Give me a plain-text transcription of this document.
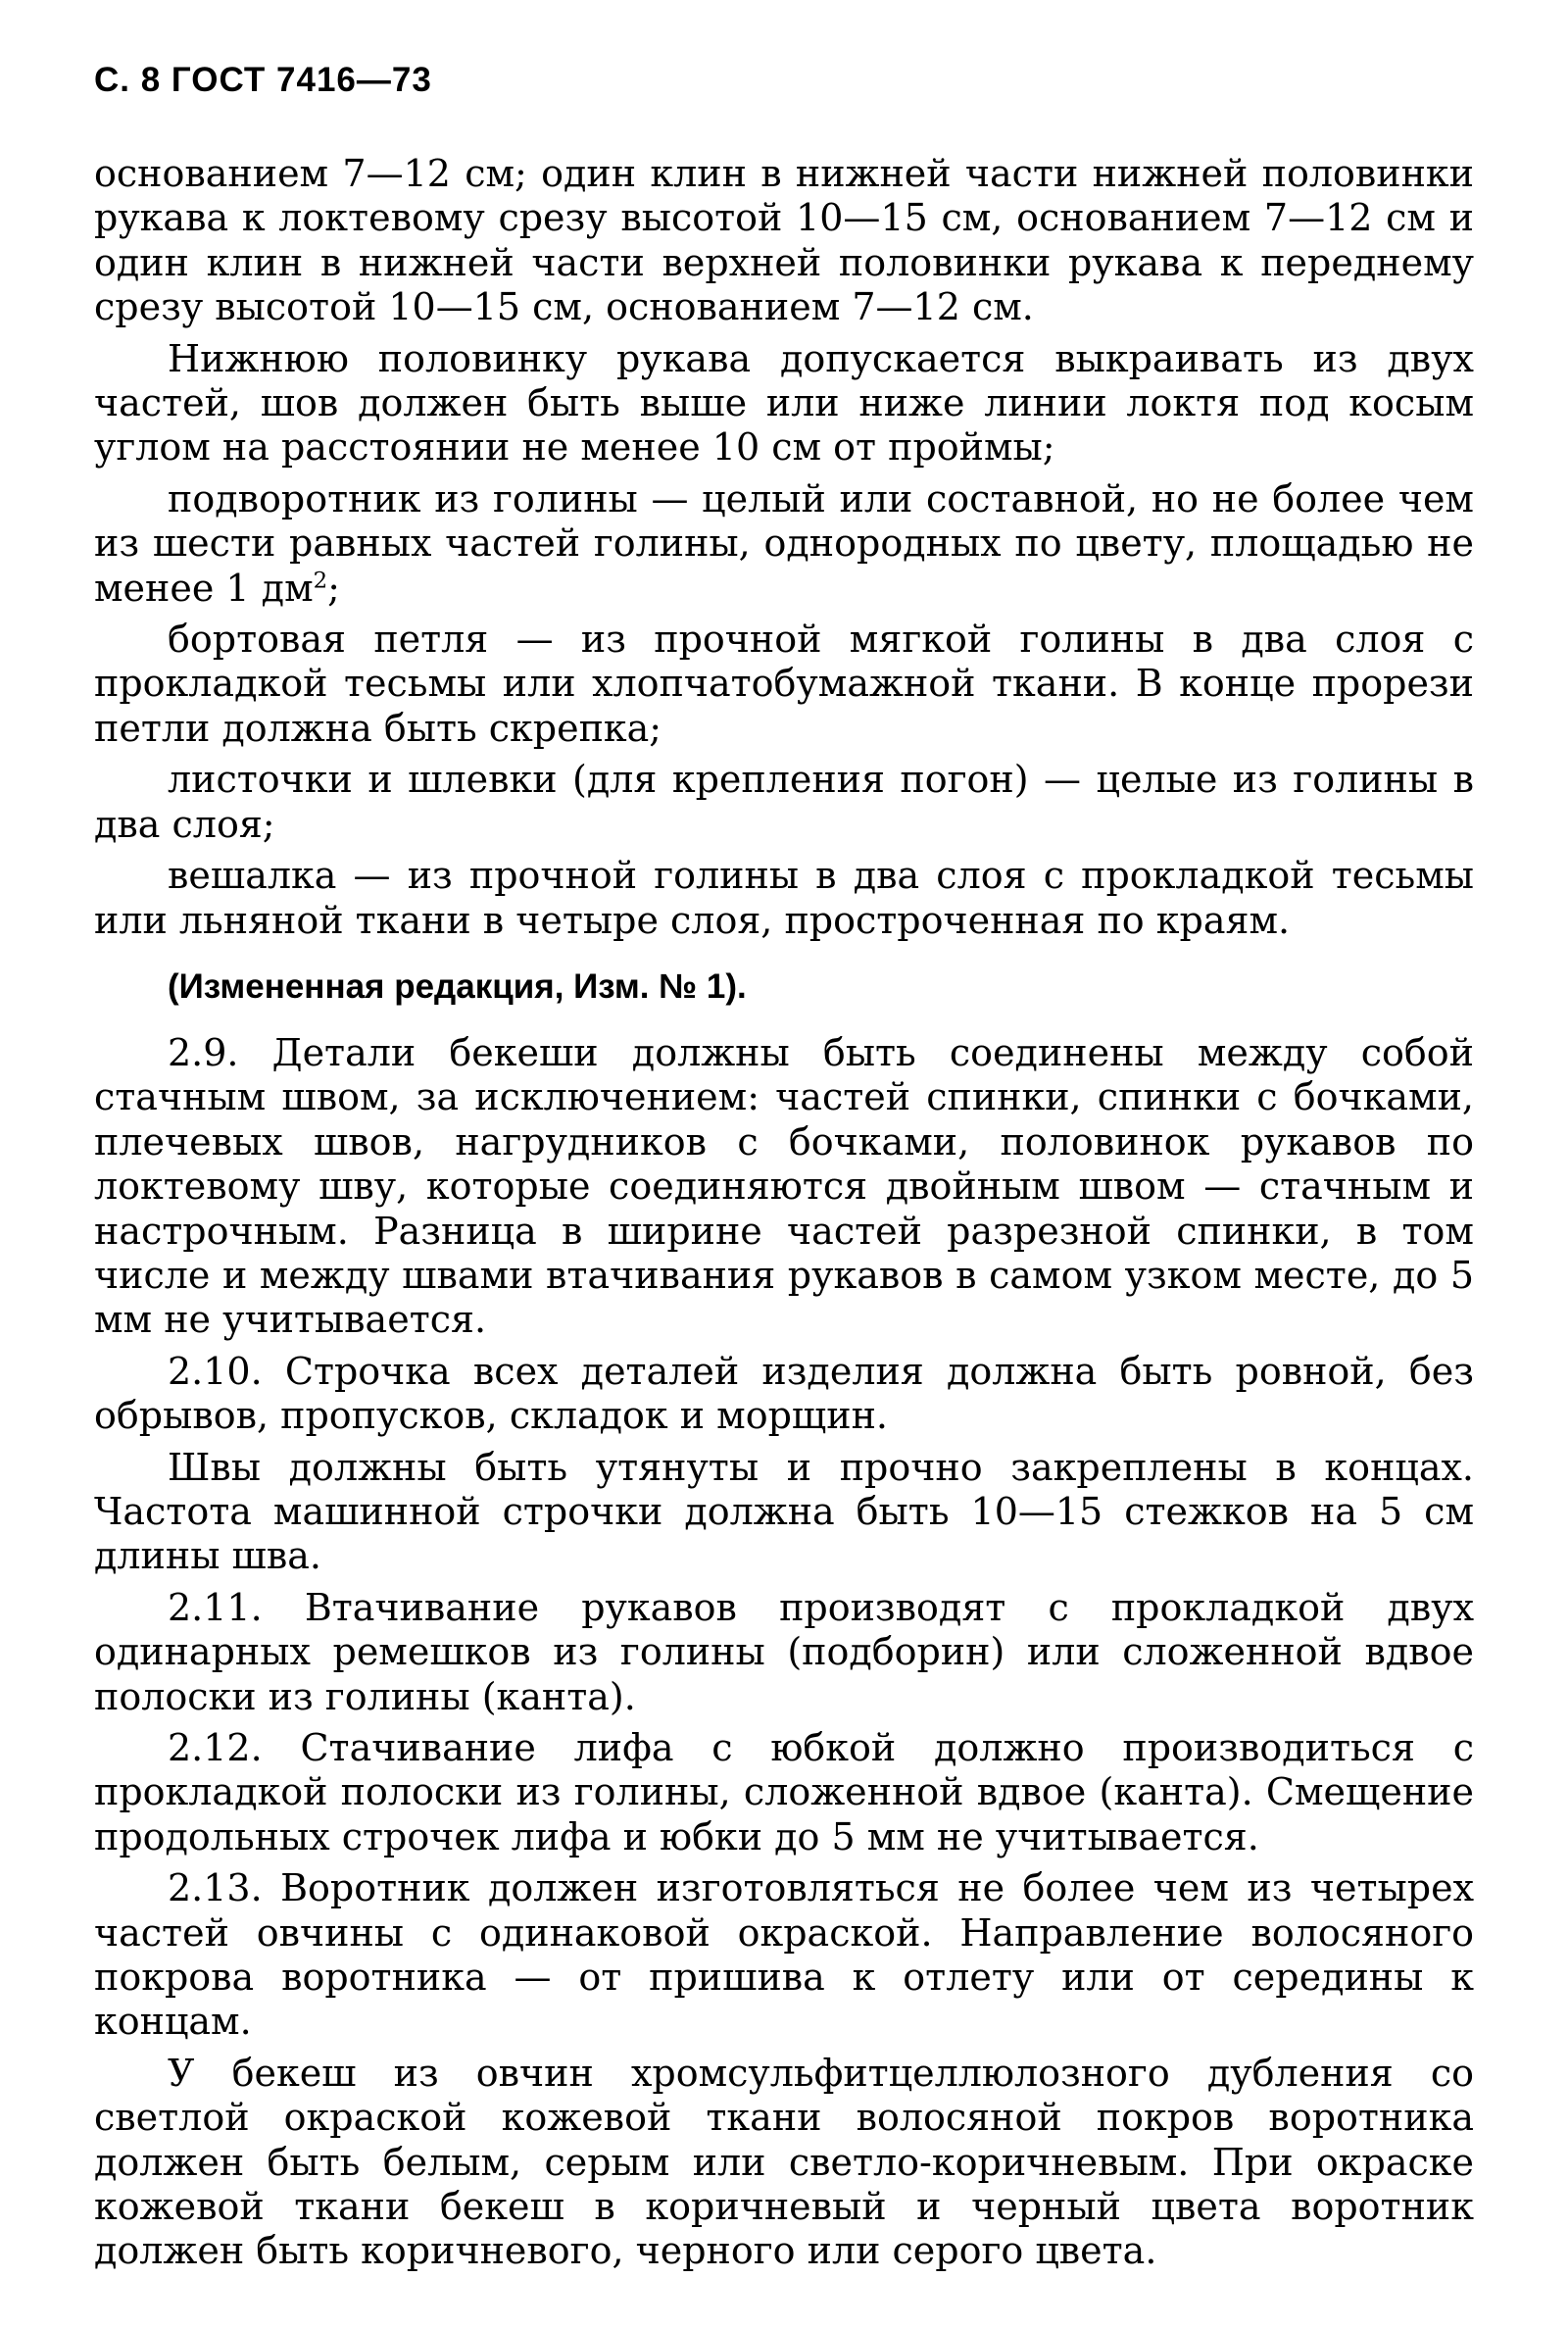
С. 8 ГОСТ 7416—73

основанием 7—12 см; один клин в нижней части нижней половинки рукава к локтевому срезу высотой 10—15 см, основанием 7—12 см и один клин в нижней части верхней половинки рукава к переднему срезу высотой 10—15 см, основанием 7—12 см.

Нижнюю половинку рукава допускается выкраивать из двух частей, шов должен быть выше или ниже линии локтя под косым углом на расстоянии не менее 10 см от проймы;

подворотник из голины — целый или составной, но не более чем из шести равных частей голины, однородных по цвету, площадью не менее 1 $дм^2$;

бортовая петля — из прочной мягкой голины в два слоя с прокладкой тесьмы или хлопчатобумажной ткани. В конце прорези петли должна быть скрепка;

листочки и шлевки (для крепления погон) — целые из голины в два слоя;

вешалка — из прочной голины в два слоя с прокладкой тесьмы или льняной ткани в четыре слоя, простроченная по краям.

(Измененная редакция, Изм. № 1).

2.9. Детали бекеши должны быть соединены между собой стачным швом, за исключением: частей спинки, спинки с бочками, плечевых швов, нагрудников с бочками, половинок рукавов по локтевому шву, которые соединяются двойным швом — стачным и настрочным. Разница в ширине частей разрезной спинки, в том числе и между швами втачивания рукавов в самом узком месте, до 5 мм не учитывается.

2.10. Строчка всех деталей изделия должна быть ровной, без обрывов, пропусков, складок и морщин.

Швы должны быть утянуты и прочно закреплены в концах. Частота машинной строчки должна быть 10—15 стежков на 5 см длины шва.

2.11. Втачивание рукавов производят с прокладкой двух одинарных ремешков из голины (подборин) или сложенной вдвое полоски из голины (канта).

2.12. Стачивание лифа с юбкой должно производиться с прокладкой полоски из голины, сложенной вдвое (канта). Смещение продольных строчек лифа и юбки до 5 мм не учитывается.

2.13. Воротник должен изготовляться не более чем из четырех частей овчины с одинаковой окраской. Направление волосяного покрова воротника — от пришива к отлету или от середины к концам.

У бекеш из овчин хромсульфитцеллюлозного дубления со светлой окраской кожевой ткани волосяной покров воротника должен быть белым, серым или светло-коричневым. При окраске кожевой ткани бекеш в коричневый и черный цвета воротник должен быть коричневого, черного или серого цвета.
